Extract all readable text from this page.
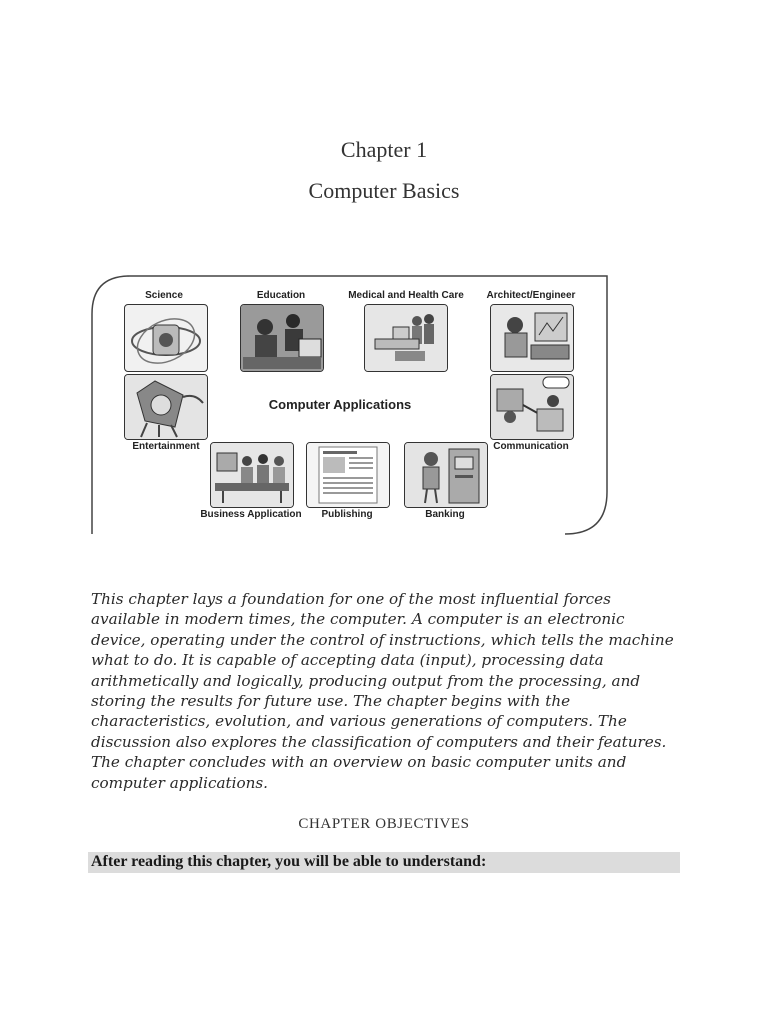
Chapter 1
Computer Basics
Science	Education	Medical and Health Care Architect/Engineer
Computer Applications
Entertainment	Communication
Business Application Publishing	Banking
This chapter lays a foundation for one of the most influential forces
available in modern times, the computer. A computer is an electronic
device, operating under the control of instructions, which tells the machine
what to do. It is capable of accepting data (input), processing data
arithmetically and logically, producing output from the processing, and
storing the results for future use. The chapter begins with the
characteristics, evolution, and various generations of computers. The
discussion also explores the classification of computers and their features.
The chapter concludes with an overview on basic computer units and
computer applications.
CHAPTER OBJECTIVES
After reading this chapter, you will be able to understand:
